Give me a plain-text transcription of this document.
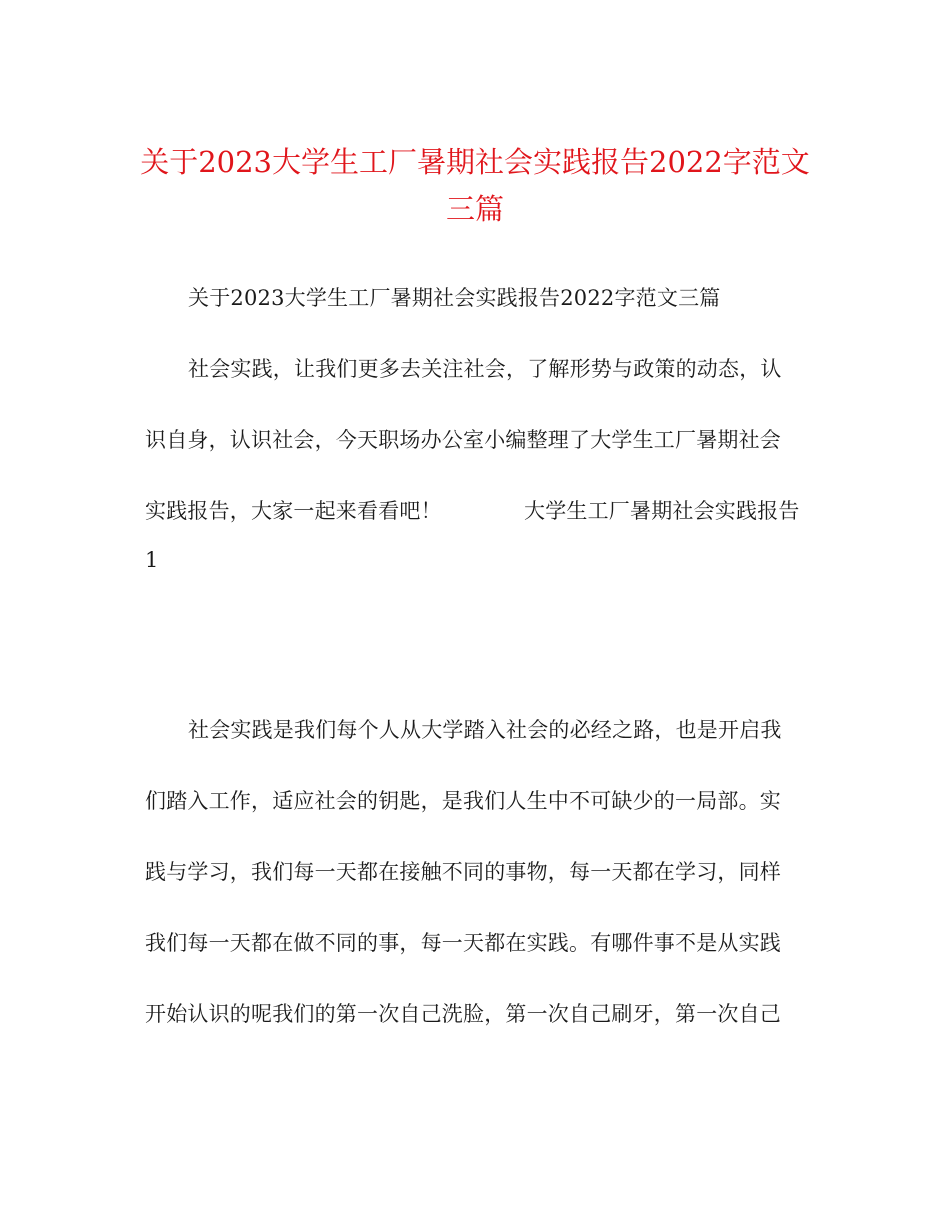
关于2023大学生工厂暑期社会实践报告2022字范文
三篇
关于2023大学生工厂暑期社会实践报告2022字范文三篇
社会实践，让我们更多去关注社会，了解形势与政策的动态，认
识自身，认识社会，今天职场办公室小编整理了大学生工厂暑期社会
实践报告，大家一起来看看吧！	大学生工厂暑期社会实践报告
1
社会实践是我们每个人从大学踏入社会的必经之路，也是开启我
们踏入工作，适应社会的钥匙，是我们人生中不可缺少的一局部。实
践与学习，我们每一天都在接触不同的事物，每一天都在学习，同样
我们每一天都在做不同的事，每一天都在实践。有哪件事不是从实践
开始认识的呢我们的第一次自己洗脸，第一次自己刷牙，第一次自己
